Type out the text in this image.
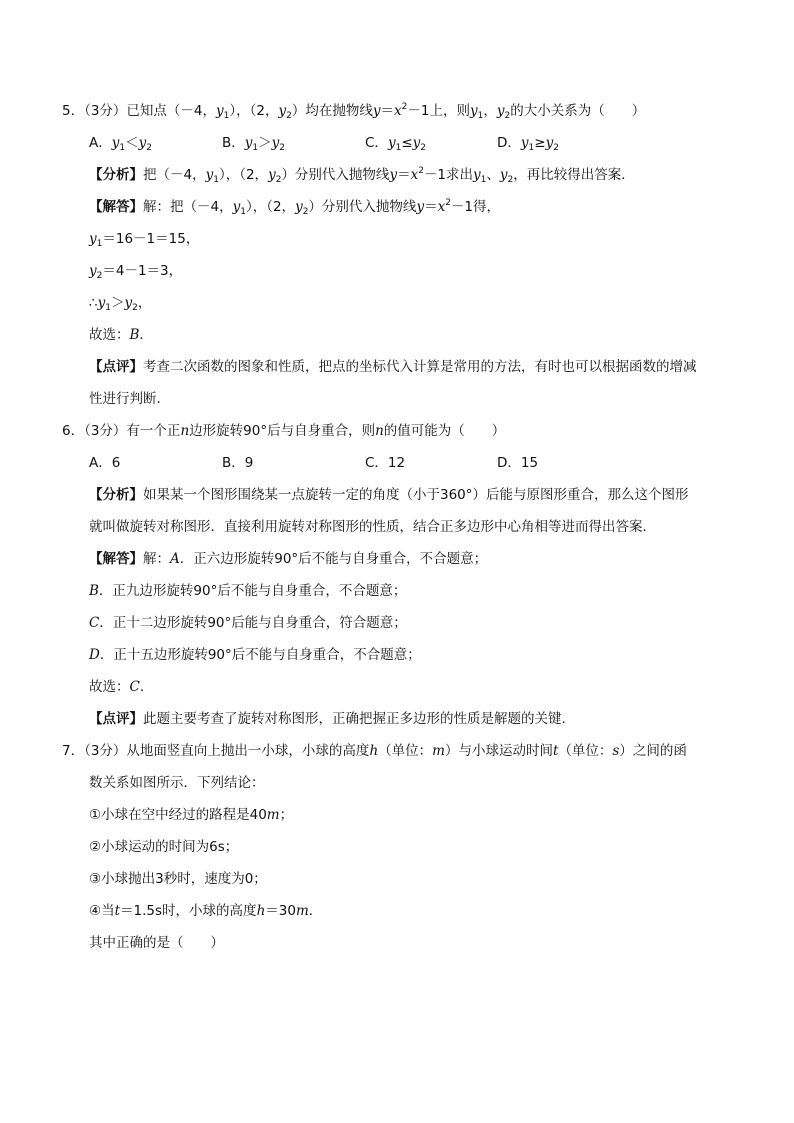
5．（3分）已知点（－4，$y_1$），（2，$y_2$）均在抛物线$y=x^2-1$上，则$y_1$，$y_2$的大小关系为（　　）
A．$y_1<y_2$	B．$y_1>y_2$	C．$y_1\le y_2$	D．$y_1\ge y_2$
【分析】把（－4，$y_1$），（2，$y_2$）分别代入抛物线$y=x^2-1$求出$y_1$、$y_2$，再比较得出答案．
【解答】解：把（－4，$y_1$），（2，$y_2$）分别代入抛物线$y=x^2-1$得，
$y_1=16-1=15$，
$y_2=4-1=3$，
$\therefore y_1>y_2$，
故选：B．
【点评】考查二次函数的图象和性质，把点的坐标代入计算是常用的方法，有时也可以根据函数的增减
性进行判断．
6．（3分）有一个正n边形旋转90°后与自身重合，则n的值可能为（　　）
A．6	B．9	C．12	D．15
【分析】如果某一个图形围绕某一点旋转一定的角度（小于360°）后能与原图形重合，那么这个图形
就叫做旋转对称图形．直接利用旋转对称图形的性质，结合正多边形中心角相等进而得出答案．
【解答】解：A．正六边形旋转90°后不能与自身重合，不合题意；
B．正九边形旋转90°后不能与自身重合，不合题意；
C．正十二边形旋转90°后能与自身重合，符合题意；
D．正十五边形旋转90°后不能与自身重合，不合题意；
故选：C．
【点评】此题主要考查了旋转对称图形，正确把握正多边形的性质是解题的关键．
7．（3分）从地面竖直向上抛出一小球，小球的高度h（单位：m）与小球运动时间t（单位：s）之间的函
数关系如图所示．下列结论：
①小球在空中经过的路程是40m；
②小球运动的时间为6s；
③小球抛出3秒时，速度为0；
④当t＝1.5s时，小球的高度h＝30m．
其中正确的是（　　）
